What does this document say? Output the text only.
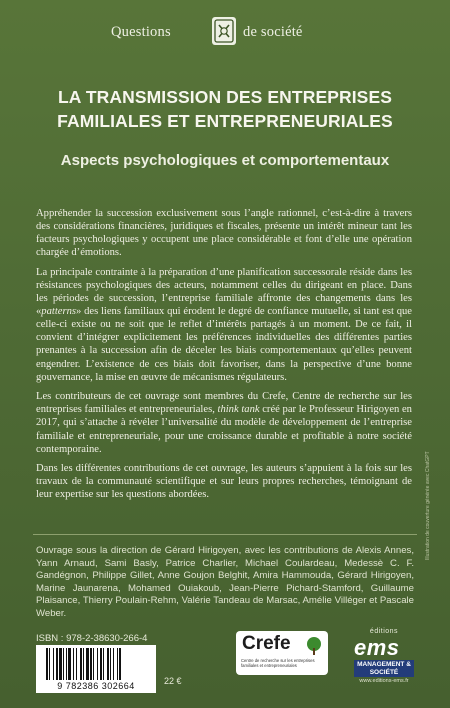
Questions	de société
LA TRANSMISSION DES ENTREPRISES
FAMILIALES ET ENTREPRENEURIALES
Aspects psychologiques et comportementaux

Appréhender la succession exclusivement sous l’angle rationnel, c’est-à-dire à travers des considérations financières, juridiques et fiscales, présente un intérêt mineur tant les facteurs psychologiques y occupent une place considérable et font d’elle une opération chargée d’émotions.

La principale contrainte à la préparation d’une planification successorale réside dans les résistances psychologiques des acteurs, notamment celles du dirigeant en place. Dans les périodes de succession, l’entreprise familiale affronte des changements dans les «patterns» des liens familiaux qui érodent le degré de confiance mutuelle, si tant est que celle-ci existe ou ne soit que le reflet d’intérêts partagés à un moment. De ce fait, il convient d’intégrer explicitement les préférences individuelles des différentes parties prenantes à la succession afin de déceler les biais comportementaux qu’elles peuvent engendrer. L’existence de ces biais doit favoriser, dans la perspective d’une bonne gouvernance, la mise en œuvre de mécanismes régulateurs.

Les contributeurs de cet ouvrage sont membres du Crefe, Centre de recherche sur les entreprises familiales et entrepreneuriales, think tank créé par le Professeur Hirigoyen en 2017, qui s’attache à révéler l’universalité du modèle de développement de l’entreprise familiale et entrepreneuriale, pour une croissance durable et profitable à notre société contemporaine.

Dans les différentes contributions de cet ouvrage, les auteurs s’appuient à la fois sur les travaux de la communauté scientifique et sur leurs propres recherches, témoignant de leur expertise sur les questions abordées.

Ouvrage sous la direction de Gérard Hirigoyen, avec les contributions de Alexis Annes, Yann Arnaud, Sami Basly, Patrice Charlier, Michael Coulardeau, Medessè C. F. Gandégnon, Philippe Gillet, Anne Goujon Belghit, Amira Hammouda, Gérard Hirigoyen, Marine Jaunarena, Mohamed Ouiakoub, Jean-Pierre Pichard-Stamford, Guillaume Plaisance, Thierry Poulain-Rehm, Valérie Tandeau de Marsac, Amélie Villéger et Pascale Weber.
ISBN : 978-2-38630-266-4
9 782386 302664	22 €
Crefe
Centre de recherche sur les entreprises familiales et entrepreneuriales
éditions
ems
MANAGEMENT & SOCIÉTÉ
www.editions-ems.fr
Illustration de couverture générée avec ChatGPT
